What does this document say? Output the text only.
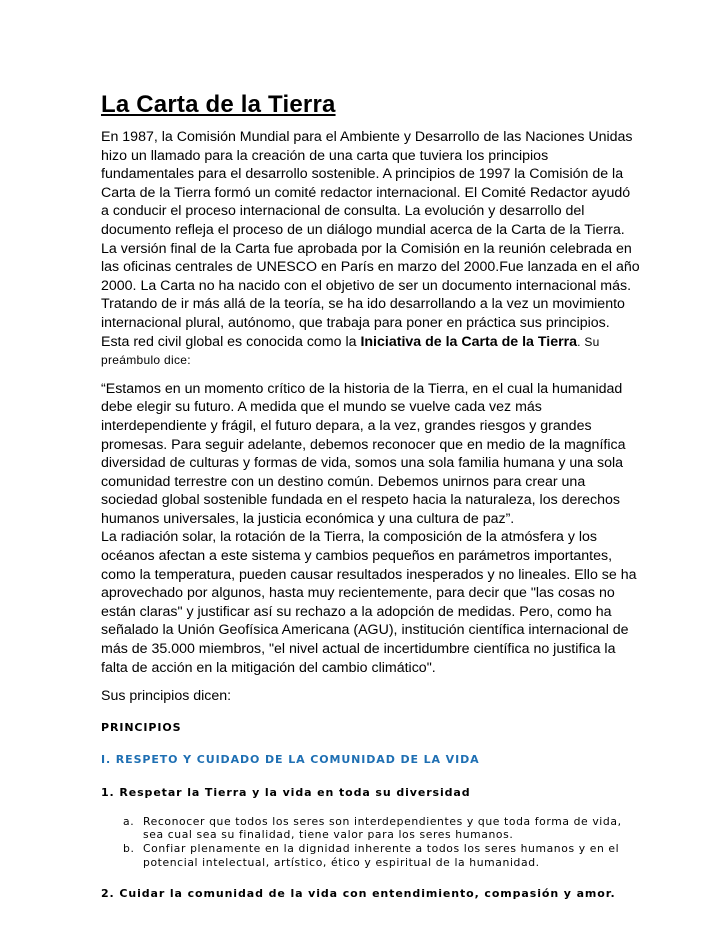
La Carta de la Tierra

En 1987, la Comisión Mundial para el Ambiente y Desarrollo de las Naciones Unidas hizo un llamado para la creación de una carta que tuviera los principios fundamentales para el desarrollo sostenible. A principios de 1997 la Comisión de la Carta de la Tierra formó un comité redactor internacional. El Comité Redactor ayudó a conducir el proceso internacional de consulta. La evolución y desarrollo del documento refleja el proceso de un diálogo mundial acerca de la Carta de la Tierra. La versión final de la Carta fue aprobada por la Comisión en la reunión celebrada en las oficinas centrales de UNESCO en París en marzo del 2000.Fue lanzada en el año 2000. La Carta no ha nacido con el objetivo de ser un documento internacional más. Tratando de ir más allá de la teoría, se ha ido desarrollando a la vez un movimiento internacional plural, autónomo, que trabaja para poner en práctica sus principios. Esta red civil global es conocida como la Iniciativa de la Carta de la Tierra. Su preámbulo dice:

“Estamos en un momento crítico de la historia de la Tierra, en el cual la humanidad debe elegir su futuro. A medida que el mundo se vuelve cada vez más interdependiente y frágil, el futuro depara, a la vez, grandes riesgos y grandes promesas. Para seguir adelante, debemos reconocer que en medio de la magnífica diversidad de culturas y formas de vida, somos una sola familia humana y una sola comunidad terrestre con un destino común. Debemos unirnos para crear una sociedad global sostenible fundada en el respeto hacia la naturaleza, los derechos humanos universales, la justicia económica y una cultura de paz”.

La radiación solar, la rotación de la Tierra, la composición de la atmósfera y los océanos afectan a este sistema y cambios pequeños en parámetros importantes, como la temperatura, pueden causar resultados inesperados y no lineales. Ello se ha aprovechado por algunos, hasta muy recientemente, para decir que "las cosas no están claras" y justificar así su rechazo a la adopción de medidas. Pero, como ha señalado la Unión Geofísica Americana (AGU), institución científica internacional de más de 35.000 miembros, "el nivel actual de incertidumbre científica no justifica la falta de acción en la mitigación del cambio climático".

Sus principios dicen:

PRINCIPIOS

I. RESPETO Y CUIDADO DE LA COMUNIDAD DE LA VIDA

1. Respetar la Tierra y la vida en toda su diversidad

a. Reconocer que todos los seres son interdependientes y que toda forma de vida, sea cual sea su finalidad, tiene valor para los seres humanos.
b. Confiar plenamente en la dignidad inherente a todos los seres humanos y en el potencial intelectual, artístico, ético y espiritual de la humanidad.

2. Cuidar la comunidad de la vida con entendimiento, compasión y amor.
